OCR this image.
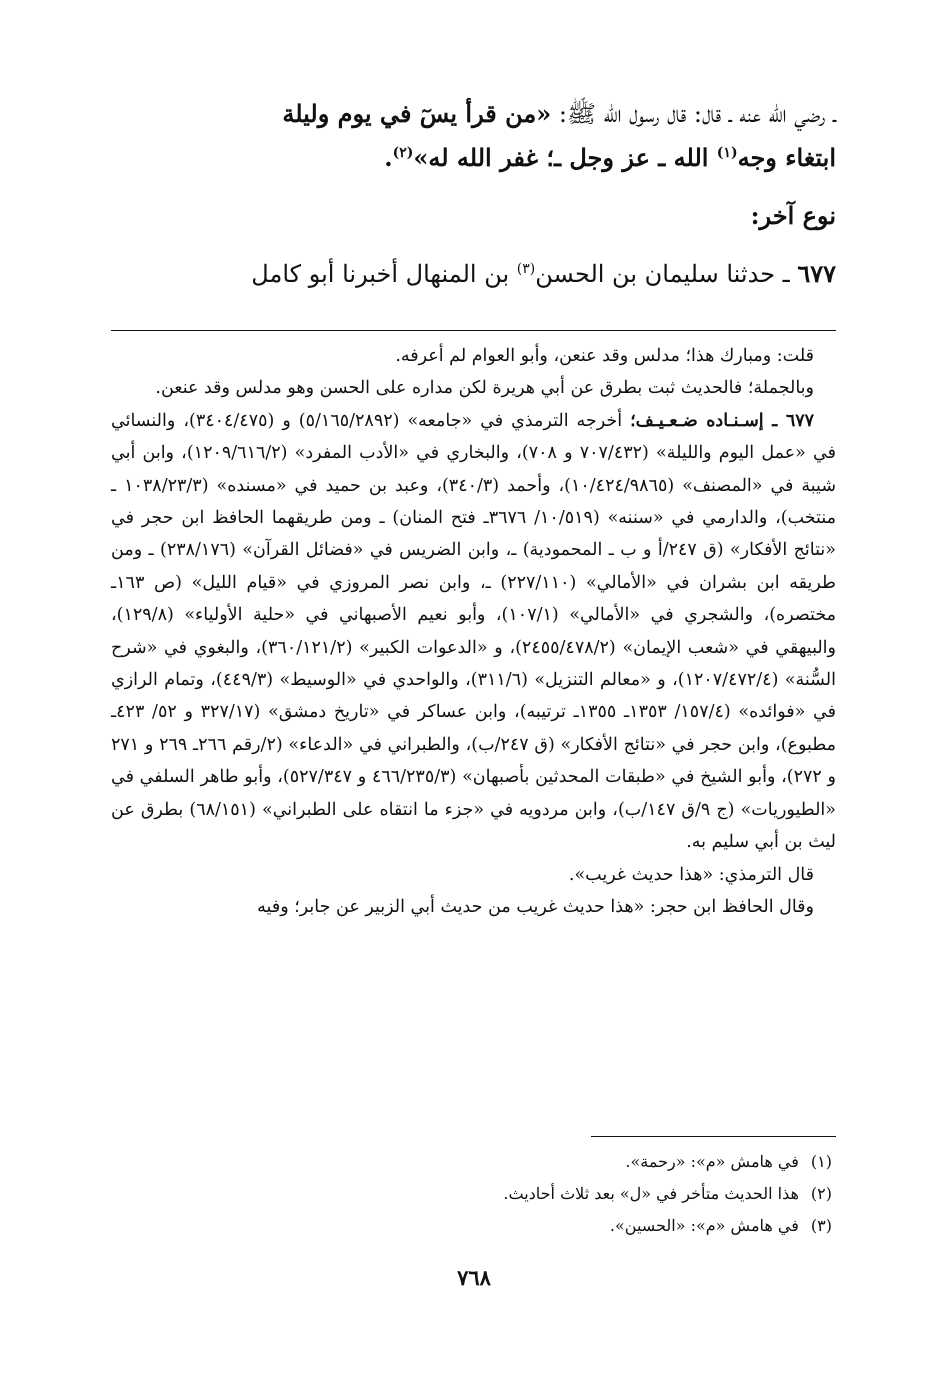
ـ رضي الله عنه ـ قال: قال رسول الله ﷺ: «من قرأ يسٓ في يوم وليلة

ابتغاء وجه$^{(١)}$ الله ـ عز وجل ـ؛ غفر الله له»$^{(٢)}$.

نوع آخر:

٦٧٧ ـ حدثنا سليمان بن الحسن$^{(٣)}$ بن المنهال أخبرنا أبو كامل

قلت: ومبارك هذا؛ مدلس وقد عنعن، وأبو العوام لم أعرفه.

وبالجملة؛ فالحديث ثبت بطرق عن أبي هريرة لكن مداره على الحسن وهو مدلس وقد عنعن.

٦٧٧ ـ إسـنـاده ضـعـيـف؛ أخرجه الترمذي في «جامعه» (٥/١٦٥/٢٨٩٢) و (٣٤٠٤/٤٧٥)، والنسائي في «عمل اليوم والليلة» (٧٠٧/٤٣٢ و ٧٠٨)، والبخاري في «الأدب المفرد» (١٢٠٩/٦١٦/٢)، وابن أبي شيبة في «المصنف» (١٠/٤٢٤/٩٨٦٥)، وأحمد (٣٤٠/٣)، وعبد بن حميد في «مسنده» (١٠٣٨/٢٣/٣ ـ منتخب)، والدارمي في «سننه» (١٠/٥١٩/ ٣٦٧٦ـ فتح المنان) ـ ومن طريقهما الحافظ ابن حجر في «نتائج الأفكار» (ق ٢٤٧/أ و ب ـ المحمودية) ـ، وابن الضريس في «فضائل القرآن» (٢٣٨/١٧٦) ـ ومن طريقه ابن بشران في «الأمالي» (٢٢٧/١١٠) ـ، وابن نصر المروزي في «قيام الليل» (ص ١٦٣ـ مختصره)، والشجري في «الأمالي» (١٠٧/١)، وأبو نعيم الأصبهاني في «حلية الأولياء» (١٢٩/٨)، والبيهقي في «شعب الإيمان» (٢٤٥٥/٤٧٨/٢)، و «الدعوات الكبير» (٣٦٠/١٢١/٢)، والبغوي في «شرح السُّنة» (١٢٠٧/٤٧٢/٤)، و «معالم التنزيل» (٣١١/٦)، والواحدي في «الوسيط» (٤٤٩/٣)، وتمام الرازي في «فوائده» (١٥٧/٤/ ١٣٥٣ـ ١٣٥٥ـ ترتيبه)، وابن عساكر في «تاريخ دمشق» (٣٢٧/١٧ و ٥٢/ ٤٢٣ـ مطبوع)، وابن حجر في «نتائج الأفكار» (ق ٢٤٧/ب)، والطبراني في «الدعاء» (٢/رقم ٢٦٦ـ ٢٦٩ و ٢٧١ و ٢٧٢)، وأبو الشيخ في «طبقات المحدثين بأصبهان» (٤٦٦/٢٣٥/٣ و ٥٢٧/٣٤٧)، وأبو طاهر السلفي في «الطيوريات» (ج ٩/ق ١٤٧/ب)، وابن مردويه في «جزء ما انتقاه على الطبراني» (٦٨/١٥١) بطرق عن ليث بن أبي سليم به.

قال الترمذي: «هذا حديث غريب».

وقال الحافظ ابن حجر: «هذا حديث غريب من حديث أبي الزبير عن جابر؛ وفيه

(١)
في هامش «م»: «رحمة».
(٢)
هذا الحديث متأخر في «ل» بعد ثلاث أحاديث.
(٣)
في هامش «م»: «الحسين».
٧٦٨
